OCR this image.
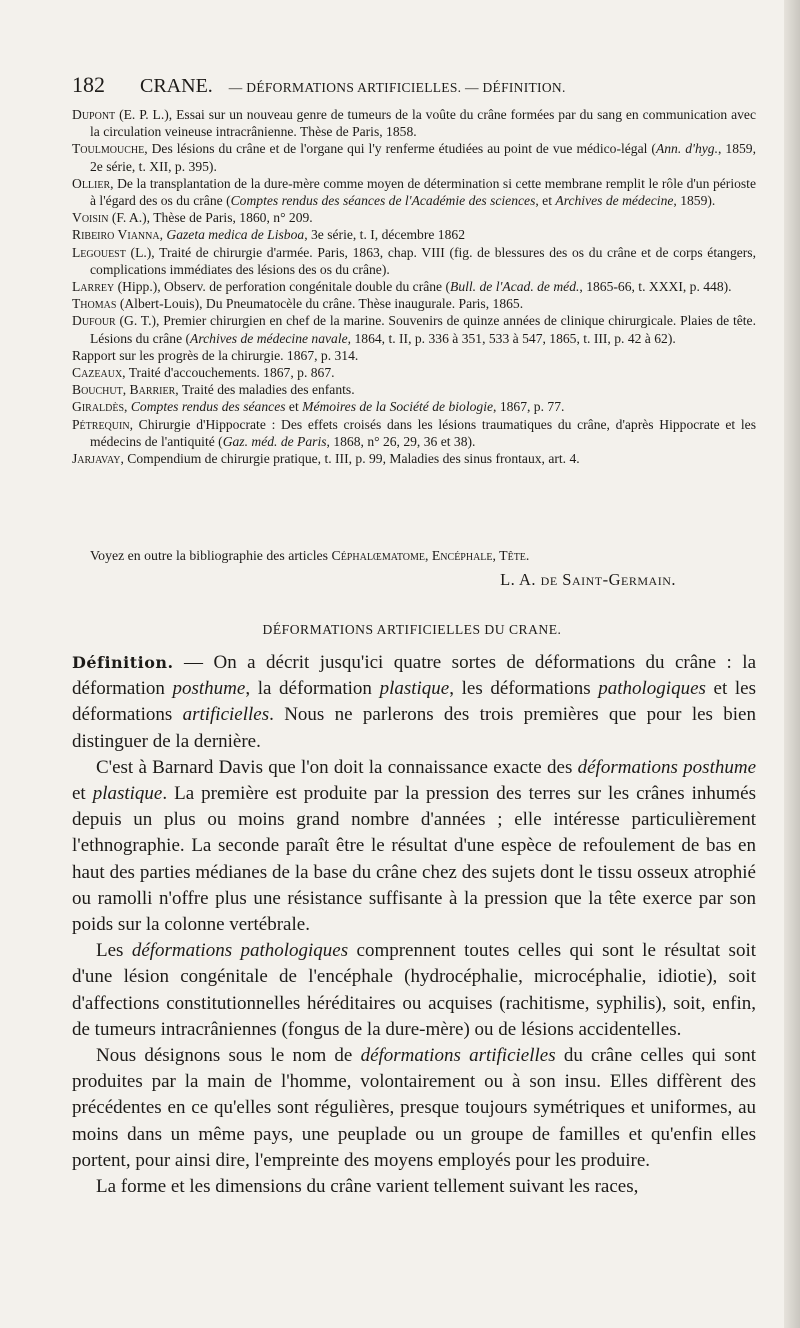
182	CRANE. — DÉFORMATIONS ARTIFICIELLES. — DÉFINITION.

Dupont (E. P. L.), Essai sur un nouveau genre de tumeurs de la voûte du crâne formées par du sang en communication avec la circulation veineuse intracrânienne. Thèse de Paris, 1858.

Toulmouche, Des lésions du crâne et de l'organe qui l'y renferme étudiées au point de vue médico-légal (Ann. d'hyg., 1859, 2e série, t. XII, p. 395).

Ollier, De la transplantation de la dure-mère comme moyen de détermination si cette membrane remplit le rôle d'un périoste à l'égard des os du crâne (Comptes rendus des séances de l'Académie des sciences, et Archives de médecine, 1859).

Voisin (F. A.), Thèse de Paris, 1860, n° 209.

Ribeiro Vianna, Gazeta medica de Lisboa, 3e série, t. I, décembre 1862

Legouest (L.), Traité de chirurgie d'armée. Paris, 1863, chap. VIII (fig. de blessures des os du crâne et de corps étangers, complications immédiates des lésions des os du crâne).

Larrey (Hipp.), Observ. de perforation congénitale double du crâne (Bull. de l'Acad. de méd., 1865-66, t. XXXI, p. 448).

Thomas (Albert-Louis), Du Pneumatocèle du crâne. Thèse inaugurale. Paris, 1865.

Dufour (G. T.), Premier chirurgien en chef de la marine. Souvenirs de quinze années de clinique chirurgicale. Plaies de tête. Lésions du crâne (Archives de médecine navale, 1864, t. II, p. 336 à 351, 533 à 547, 1865, t. III, p. 42 à 62).

Rapport sur les progrès de la chirurgie. 1867, p. 314.

Cazeaux, Traité d'accouchements. 1867, p. 867.

Bouchut, Barrier, Traité des maladies des enfants.

Giraldès, Comptes rendus des séances et Mémoires de la Société de biologie, 1867, p. 77.

Pétrequin, Chirurgie d'Hippocrate : Des effets croisés dans les lésions traumatiques du crâne, d'après Hippocrate et les médecins de l'antiquité (Gaz. méd. de Paris, 1868, n° 26, 29, 36 et 38).

Jarjavay, Compendium de chirurgie pratique, t. III, p. 99, Maladies des sinus frontaux, art. 4.

Voyez en outre la bibliographie des articles Céphalœmatome, Encéphale, Tête.
L. A. de Saint-Germain.
DÉFORMATIONS ARTIFICIELLES DU CRANE.

Définition. — On a décrit jusqu'ici quatre sortes de déformations du crâne : la déformation posthume, la déformation plastique, les déformations pathologiques et les déformations artificielles. Nous ne parlerons des trois premières que pour les bien distinguer de la dernière.

C'est à Barnard Davis que l'on doit la connaissance exacte des déformations posthume et plastique. La première est produite par la pression des terres sur les crânes inhumés depuis un plus ou moins grand nombre d'années ; elle intéresse particulièrement l'ethnographie. La seconde paraît être le résultat d'une espèce de refoulement de bas en haut des parties médianes de la base du crâne chez des sujets dont le tissu osseux atrophié ou ramolli n'offre plus une résistance suffisante à la pression que la tête exerce par son poids sur la colonne vertébrale.

Les déformations pathologiques comprennent toutes celles qui sont le résultat soit d'une lésion congénitale de l'encéphale (hydrocéphalie, microcéphalie, idiotie), soit d'affections constitutionnelles héréditaires ou acquises (rachitisme, syphilis), soit, enfin, de tumeurs intracrâniennes (fongus de la dure-mère) ou de lésions accidentelles.

Nous désignons sous le nom de déformations artificielles du crâne celles qui sont produites par la main de l'homme, volontairement ou à son insu. Elles diffèrent des précédentes en ce qu'elles sont régulières, presque toujours symétriques et uniformes, au moins dans un même pays, une peuplade ou un groupe de familles et qu'enfin elles portent, pour ainsi dire, l'empreinte des moyens employés pour les produire.

La forme et les dimensions du crâne varient tellement suivant les races,
